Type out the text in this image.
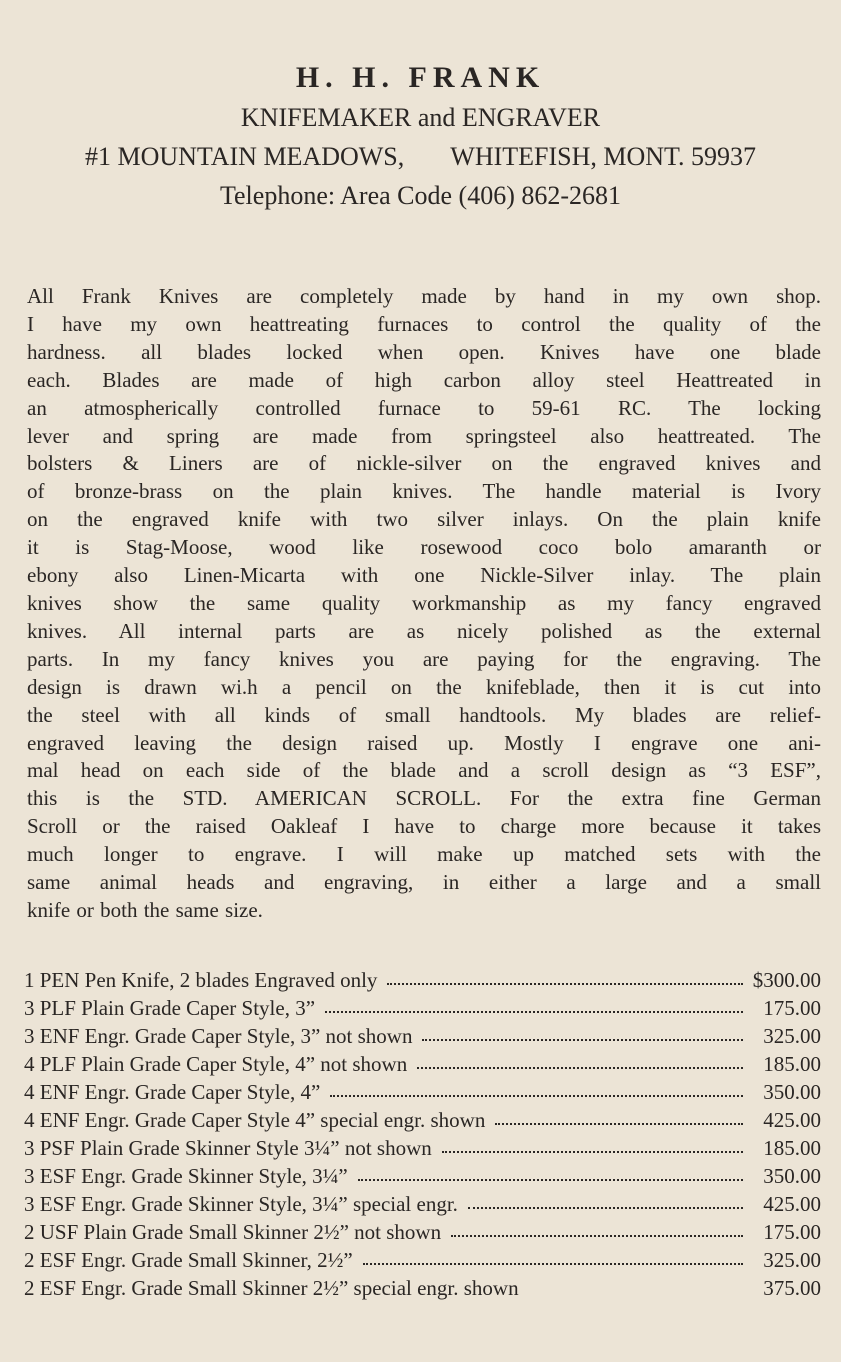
H. H. FRANK

KNIFEMAKER and ENGRAVER

#1 MOUNTAIN MEADOWS, WHITEFISH, MONT. 59937

Telephone: Area Code (406) 862-2681

All Frank Knives are completely made by hand in my own shop.
I have my own heattreating furnaces to control the quality of the
hardness. all blades locked when open. Knives have one blade
each. Blades are made of high carbon alloy steel Heattreated in
an atmospherically controlled furnace to 59-61 RC. The locking
lever and spring are made from springsteel also heattreated. The
bolsters & Liners are of nickle-silver on the engraved knives and
of bronze-brass on the plain knives. The handle material is Ivory
on the engraved knife with two silver inlays. On the plain knife
it is Stag-Moose, wood like rosewood coco bolo amaranth or
ebony also Linen-Micarta with one Nickle-Silver inlay. The plain
knives show the same quality workmanship as my fancy engraved
knives. All internal parts are as nicely polished as the external
parts. In my fancy knives you are paying for the engraving. The
design is drawn wi.h a pencil on the knifeblade, then it is cut into
the steel with all kinds of small handtools. My blades are relief-
engraved leaving the design raised up. Mostly I engrave one ani-
mal head on each side of the blade and a scroll design as “3 ESF”,
this is the STD. AMERICAN SCROLL. For the extra fine German
Scroll or the raised Oakleaf I have to charge more because it takes
much longer to engrave. I will make up matched sets with the
same animal heads and engraving, in either a large and a small
knife or both the same size.
1 PEN Pen Knife, 2 blades Engraved only	$300.00
3 PLF Plain Grade Caper Style, 3”	175.00
3 ENF Engr. Grade Caper Style, 3” not shown	325.00
4 PLF Plain Grade Caper Style, 4” not shown	185.00
4 ENF Engr. Grade Caper Style, 4”	350.00
4 ENF Engr. Grade Caper Style 4” special engr. shown	425.00
3 PSF Plain Grade Skinner Style 3¼” not shown	185.00
3 ESF Engr. Grade Skinner Style, 3¼”	350.00
3 ESF Engr. Grade Skinner Style, 3¼” special engr.	425.00
2 USF Plain Grade Small Skinner 2½” not shown	175.00
2 ESF Engr. Grade Small Skinner, 2½”	325.00
2 ESF Engr. Grade Small Skinner 2½” special engr. shown	375.00
